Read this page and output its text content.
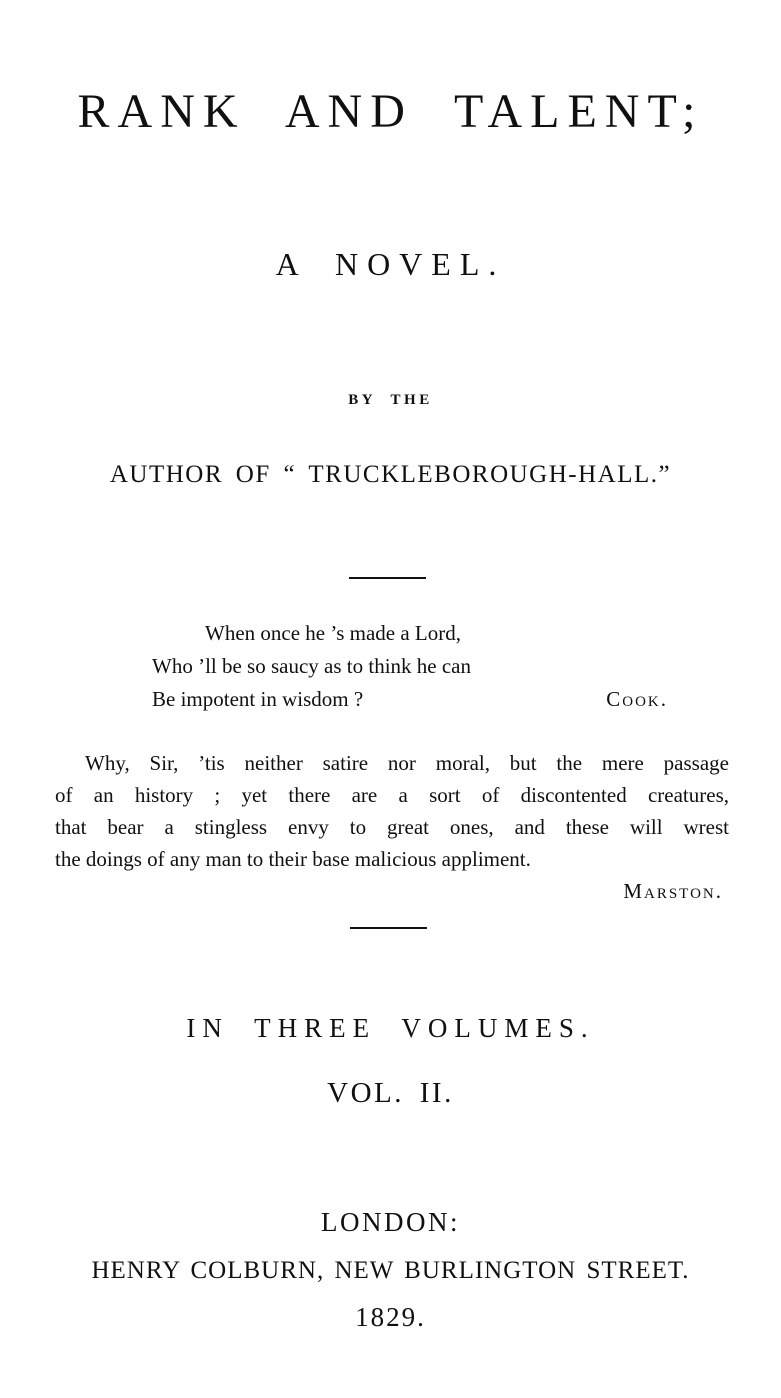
RANK AND TALENT;
A NOVEL.
BY THE
AUTHOR OF “ TRUCKLEBOROUGH-HALL.”
When once he ’s made a Lord,
Who ’ll be so saucy as to think he can
Be impotent in wisdom ?	Cook.
Why, Sir, ’tis neither satire nor moral, but the mere passage
of an history ; yet there are a sort of discontented creatures,
that bear a stingless envy to great ones, and these will wrest
the doings of any man to their base malicious appliment.
Marston.
IN THREE VOLUMES.
VOL. II.
LONDON:
HENRY COLBURN, NEW BURLINGTON STREET.
1829.
